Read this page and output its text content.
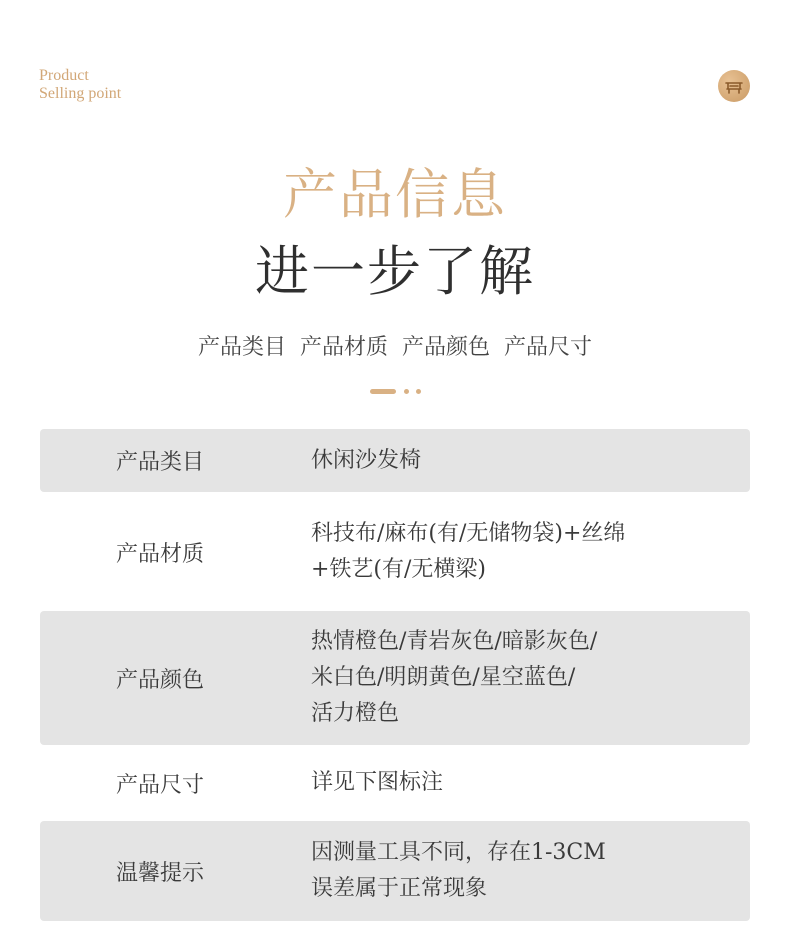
Product
Selling point
产品信息
进一步了解
产品类目 产品材质 产品颜色 产品尺寸
产品类目	休闲沙发椅
产品材质
科技布/麻布(有/无储物袋)+丝绵
+铁艺(有/无横梁)
产品颜色
热情橙色/青岩灰色/暗影灰色/
米白色/明朗黄色/星空蓝色/
活力橙色
产品尺寸	详见下图标注
温馨提示
因测量工具不同，存在1-3CM
误差属于正常现象
